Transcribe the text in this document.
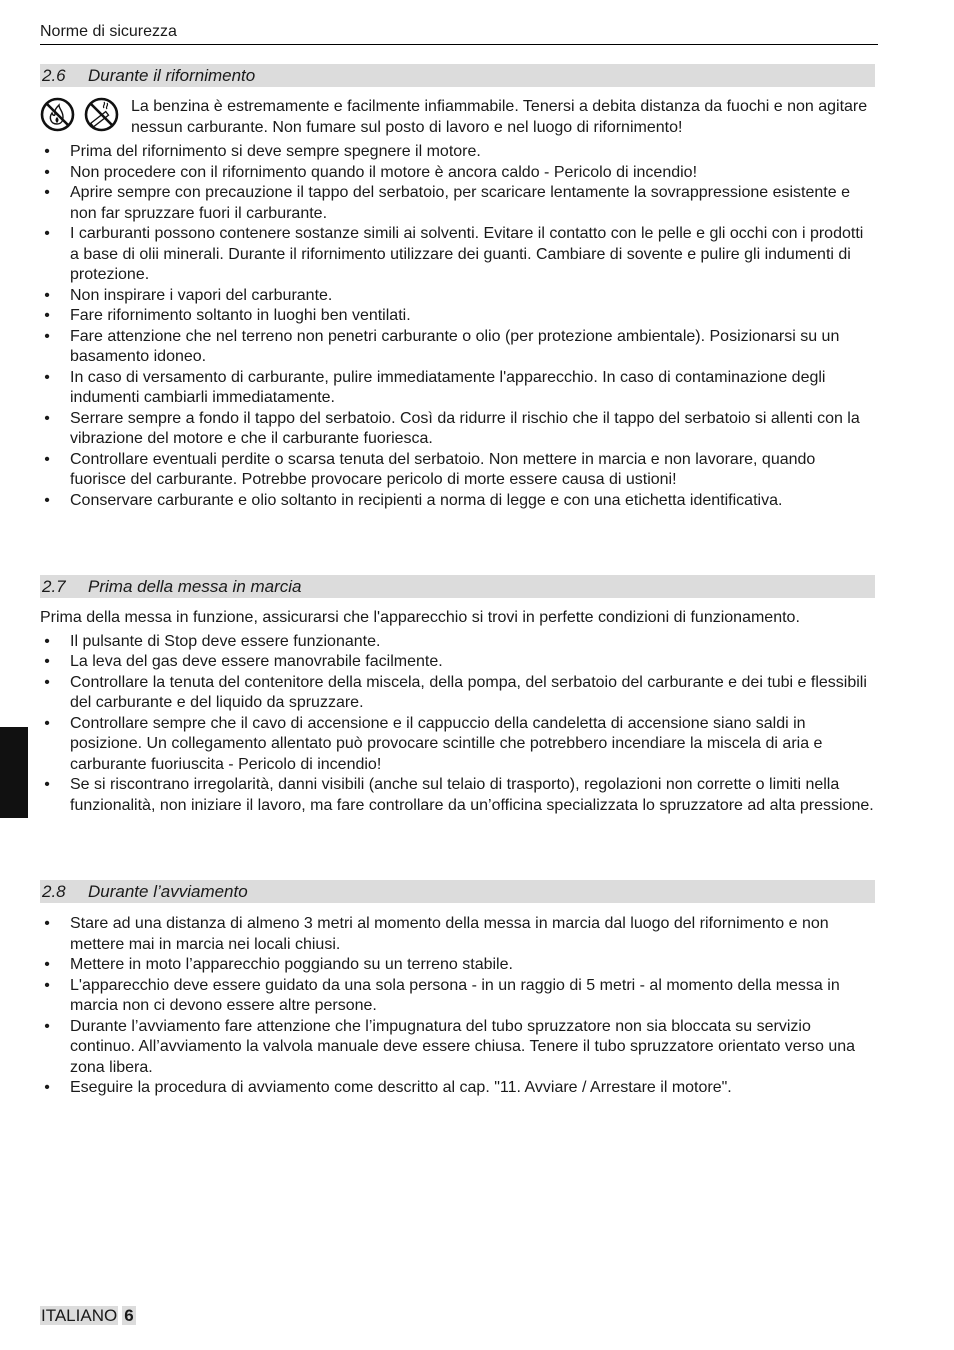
Norme di sicurezza
2.6 Durante il rifornimento
La benzina è estremamente e facilmente infiammabile. Tenersi a debita distanza da fuochi e non agitare nessun carburante. Non fumare sul posto di lavoro e nel luogo di rifornimento!
• Prima del rifornimento si deve sempre spegnere il motore.
• Non procedere con il rifornimento quando il motore è ancora caldo - Pericolo di incendio!
• Aprire sempre con precauzione il tappo del serbatoio, per scaricare lentamente la sovrappressione esistente e non far spruzzare fuori il carburante.
• I carburanti possono contenere sostanze simili ai solventi. Evitare il contatto con le pelle e gli occhi con i prodotti a base di olii minerali. Durante il rifornimento utilizzare dei guanti. Cambiare di sovente e pulire gli indumenti di protezione.
• Non inspirare i vapori del carburante.
• Fare rifornimento soltanto in luoghi ben ventilati.
• Fare attenzione che nel terreno non penetri carburante o olio (per protezione ambientale). Posizionarsi su un basamento idoneo.
• In caso di versamento di carburante, pulire immediatamente l'apparecchio. In caso di contaminazione degli indumenti cambiarli immediatamente.
• Serrare sempre a fondo il tappo del serbatoio. Così da ridurre il rischio che il tappo del serbatoio si allenti con la vibrazione del motore e che il carburante fuoriesca.
• Controllare eventuali perdite o scarsa tenuta del serbatoio. Non mettere in marcia e non lavorare, quando fuorisce del carburante. Potrebbe provocare pericolo di morte essere causa di ustioni!
• Conservare carburante e olio soltanto in recipienti a norma di legge e con una etichetta identificativa.
2.7 Prima della messa in marcia
Prima della messa in funzione, assicurarsi che l'apparecchio si trovi in perfette condizioni di funzionamento.
• Il pulsante di Stop deve essere funzionante.
• La leva del gas deve essere manovrabile facilmente.
• Controllare la tenuta del contenitore della miscela, della pompa, del serbatoio del carburante e dei tubi e flessibili del carburante e del liquido da spruzzare.
• Controllare sempre che il cavo di accensione e il cappuccio della candeletta di accensione siano saldi in posizione. Un collegamento allentato può provocare scintille che potrebbero incendiare la miscela di aria e carburante fuoriuscita - Pericolo di incendio!
• Se si riscontrano irregolarità, danni visibili (anche sul telaio di trasporto), regolazioni non corrette o limiti nella funzionalità, non iniziare il lavoro, ma fare controllare da un’officina specializzata lo spruzzatore ad alta pressione.
2.8 Durante l’avviamento
• Stare ad una distanza di almeno 3 metri al momento della messa in marcia dal luogo del rifornimento e non mettere mai in marcia nei locali chiusi.
• Mettere in moto l’apparecchio poggiando su un terreno stabile.
• L'apparecchio deve essere guidato da una sola persona - in un raggio di 5 metri - al momento della messa in marcia non ci devono essere altre persone.
• Durante l’avviamento fare attenzione che l’impugnatura del tubo spruzzatore non sia bloccata su servizio continuo. All’avviamento la valvola manuale deve essere chiusa. Tenere il tubo spruzzatore orientato verso una zona libera.
• Eseguire la procedura di avviamento come descritto al cap. "11. Avviare / Arrestare il motore".
ITALIANO 6
